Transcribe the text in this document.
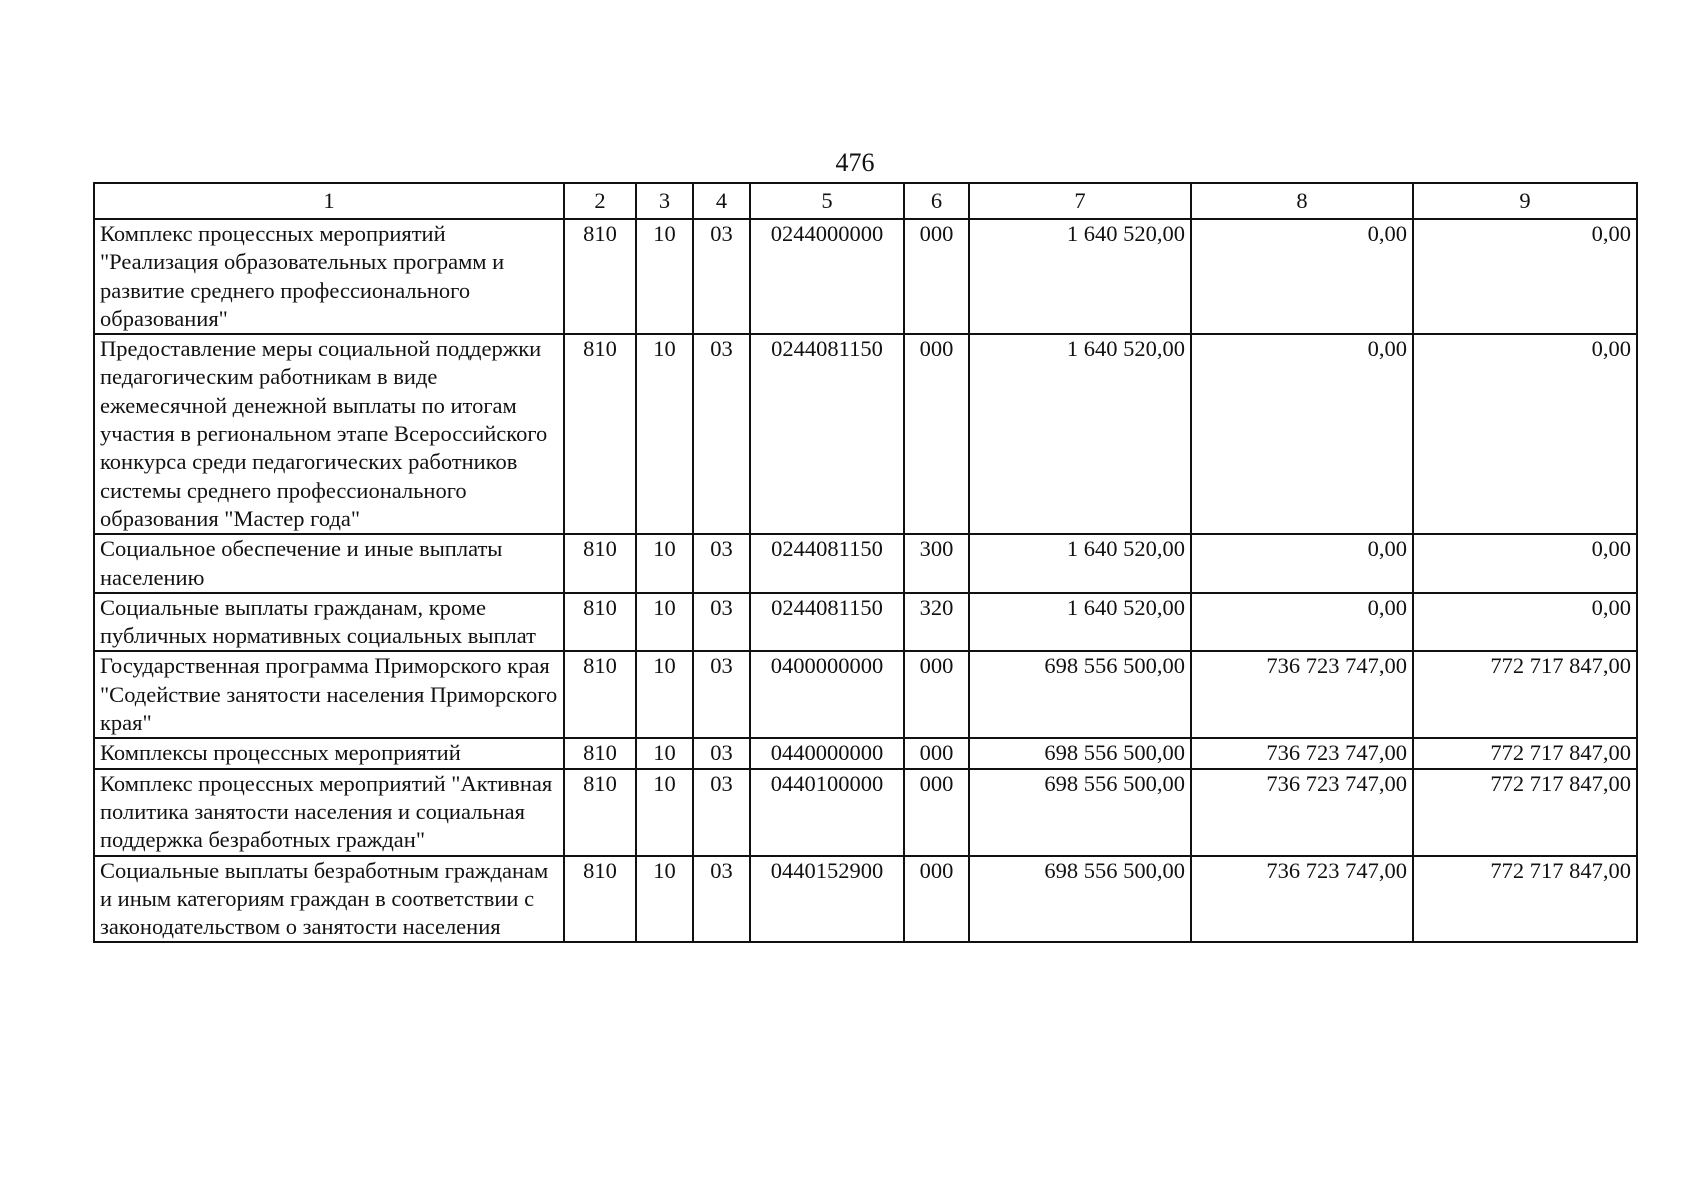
476
1	2	3	4	5	6	7	8	9
Комплекс процессных мероприятий "Реализация образовательных программ и развитие среднего профессионального образования"	810	10	03	0244000000	000	1 640 520,00	0,00	0,00
Предоставление меры социальной поддержки педагогическим работникам в виде ежемесячной денежной выплаты по итогам участия в региональном этапе Всероссийского конкурса среди педагогических работников системы среднего профессионального образования "Мастер года"	810	10	03	0244081150	000	1 640 520,00	0,00	0,00
Социальное обеспечение и иные выплаты населению	810	10	03	0244081150	300	1 640 520,00	0,00	0,00
Социальные выплаты гражданам, кроме публичных нормативных социальных выплат	810	10	03	0244081150	320	1 640 520,00	0,00	0,00
Государственная программа Приморского края "Содействие занятости населения Приморского края"	810	10	03	0400000000	000	698 556 500,00	736 723 747,00	772 717 847,00
Комплексы процессных мероприятий	810	10	03	0440000000	000	698 556 500,00	736 723 747,00	772 717 847,00
Комплекс процессных мероприятий "Активная политика занятости населения и социальная поддержка безработных граждан"	810	10	03	0440100000	000	698 556 500,00	736 723 747,00	772 717 847,00
Социальные выплаты безработным гражданам и иным категориям граждан в соответствии с законодательством о занятости населения	810	10	03	0440152900	000	698 556 500,00	736 723 747,00	772 717 847,00
